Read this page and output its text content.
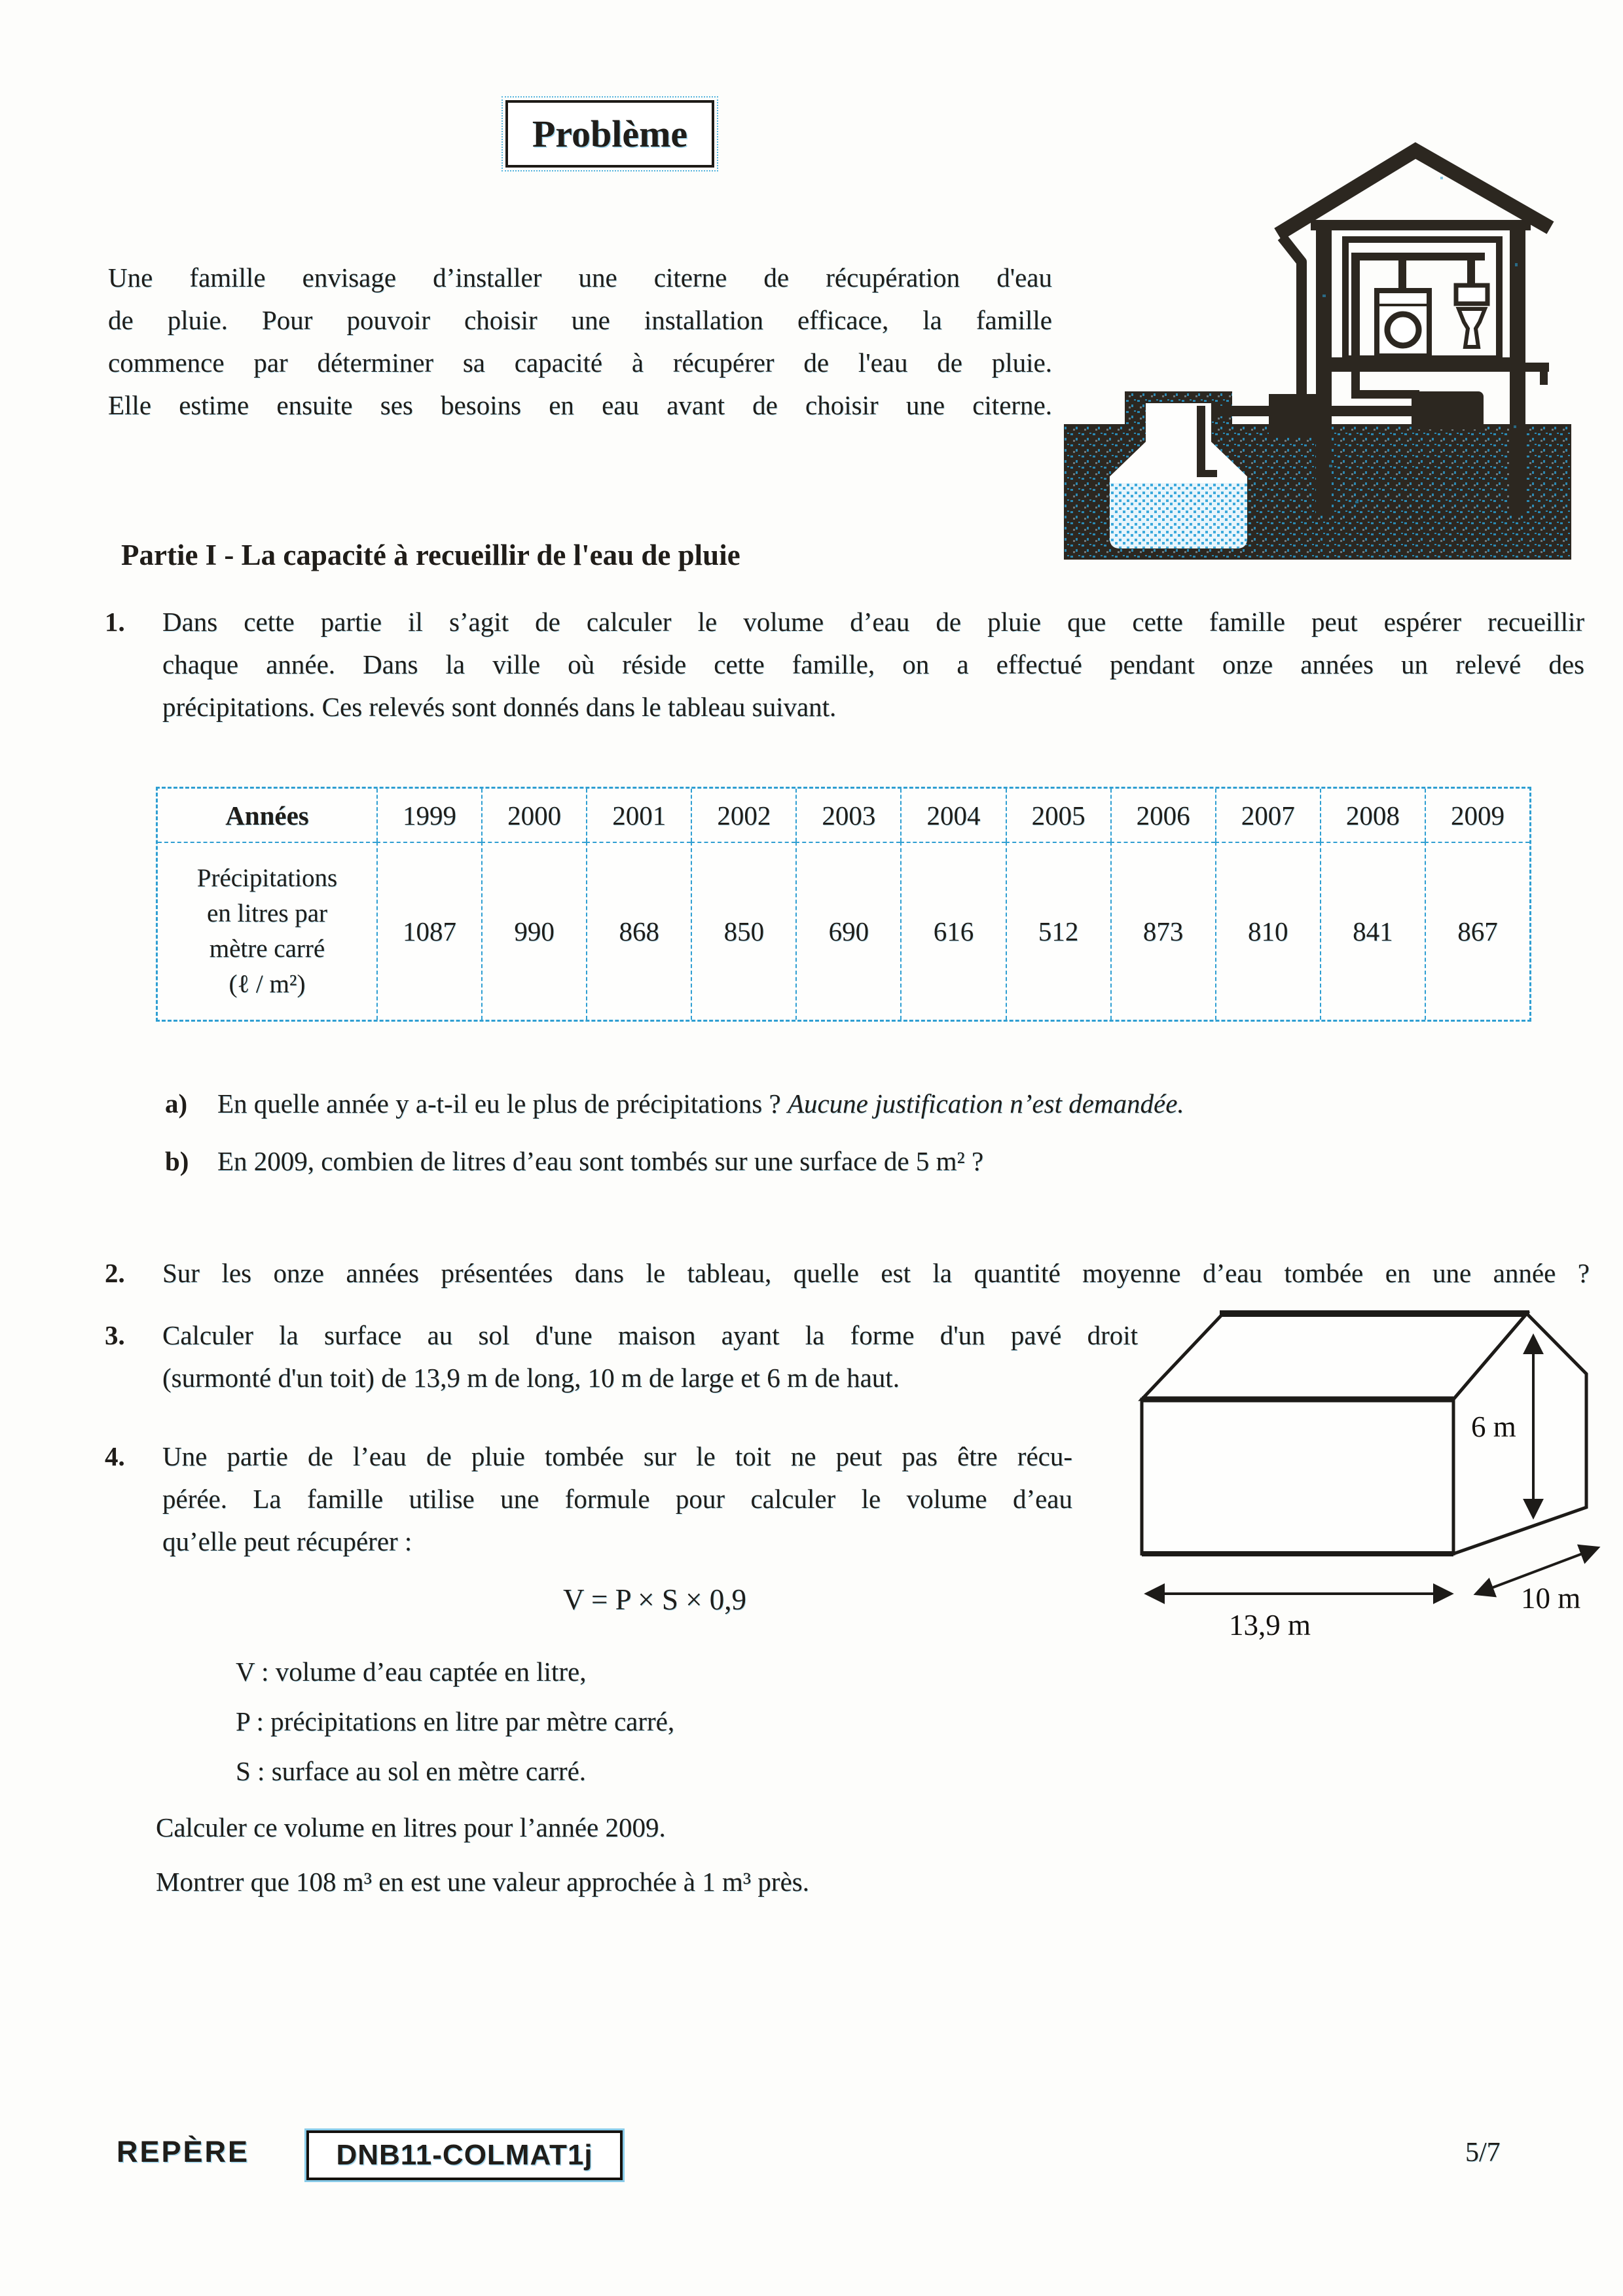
Problème
Une famille envisage d’installer une citerne de récupération d'eau
de pluie. Pour pouvoir choisir une installation efficace, la famille
commence par déterminer sa capacité à récupérer de l'eau de pluie.
Elle estime ensuite ses besoins en eau avant de choisir une citerne.
Partie I - La capacité à recueillir de l'eau de pluie
1. Dans cette partie il s’agit de calculer le volume d’eau de pluie que cette famille peut espérer recueillir
chaque année. Dans la ville où réside cette famille, on a effectué pendant onze années un relevé des
précipitations. Ces relevés sont donnés dans le tableau suivant.
Années	1999	2000	2001	2002	2003	2004	2005	2006	2007	2008	2009
Précipitations
en litres par
mètre carré
(ℓ / m²)
1087	990	868	850	690	616	512	873	810	841	867
a) En quelle année y a-t-il eu le plus de précipitations ? Aucune justification n’est demandée.
b) En 2009, combien de litres d’eau sont tombés sur une surface de 5 m² ?
2. Sur les onze années présentées dans le tableau, quelle est la quantité moyenne d’eau tombée en une année ?
3. Calculer la surface au sol d'une maison ayant la forme d'un pavé droit
(surmonté d'un toit) de 13,9 m de long, 10 m de large et 6 m de haut.
4. Une partie de l’eau de pluie tombée sur le toit ne peut pas être récu-
pérée. La famille utilise une formule pour calculer le volume d’eau
qu’elle peut récupérer :
6 m
10 m
13,9 m
V = P × S × 0,9
V : volume d’eau captée en litre,
P : précipitations en litre par mètre carré,
S : surface au sol en mètre carré.
Calculer ce volume en litres pour l’année 2009.
Montrer que 108 m³ en est une valeur approchée à 1 m³ près.
REPÈRE	DNB11-COLMAT1j	5/7
